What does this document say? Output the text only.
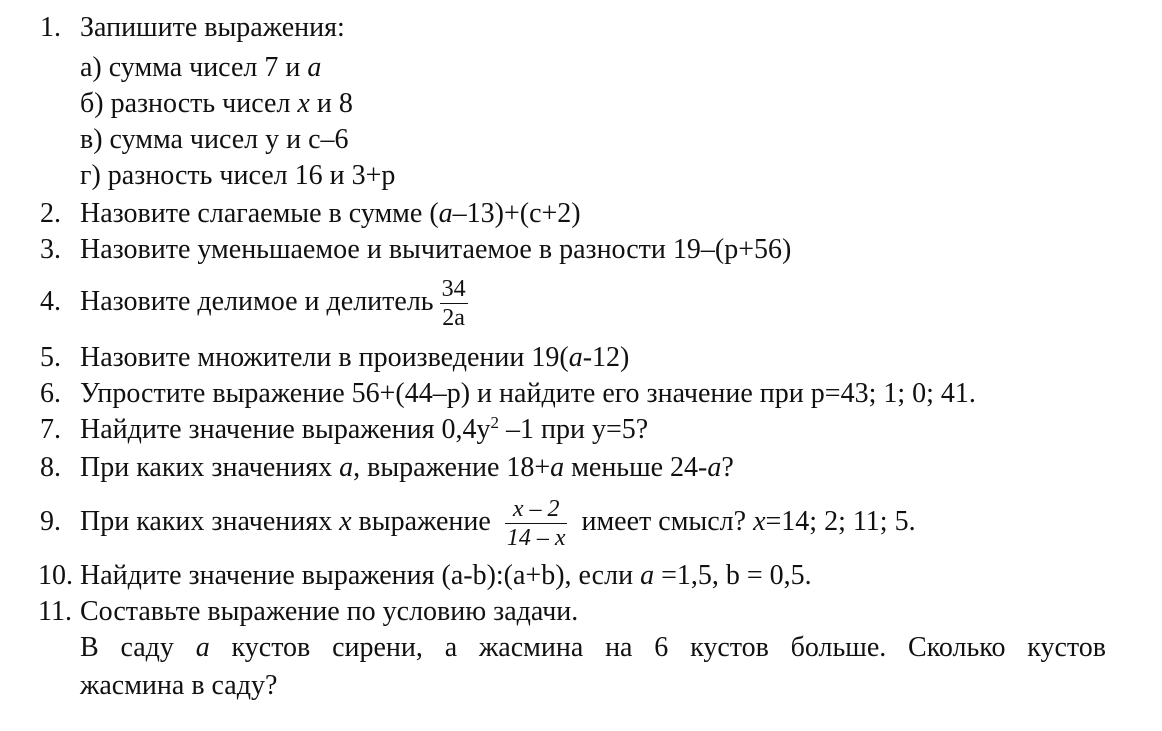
1. Запишите выражения:
а) сумма чисел 7 и а
б) разность чисел x и 8
в) сумма чисел у и с–6
г) разность чисел 16 и 3+р
2. Назовите слагаемые в сумме (а–13)+(с+2)
3. Назовите уменьшаемое и вычитаемое в разности 19–(р+56)
4. Назовите делимое и делитель $\frac{34}{2а}$
5. Назовите множители в произведении 19(а-12)
6. Упростите выражение 56+(44–р) и найдите его значение при р=43; 1; 0; 41.
7. Найдите значение выражения $0,4у^2$ –1 при у=5?
8. При каких значениях а, выражение 18+а меньше 24-а?
9. При каких значениях x выражение $\frac{x - 2}{14 - x}$ имеет смысл? x=14; 2; 11; 5.
10. Найдите значение выражения (а-b):(а+b), если а =1,5, b = 0,5.
11. Составьте выражение по условию задачи.
В саду а кустов сирени, а жасмина на 6 кустов больше. Сколько кустов
жасмина в саду?
